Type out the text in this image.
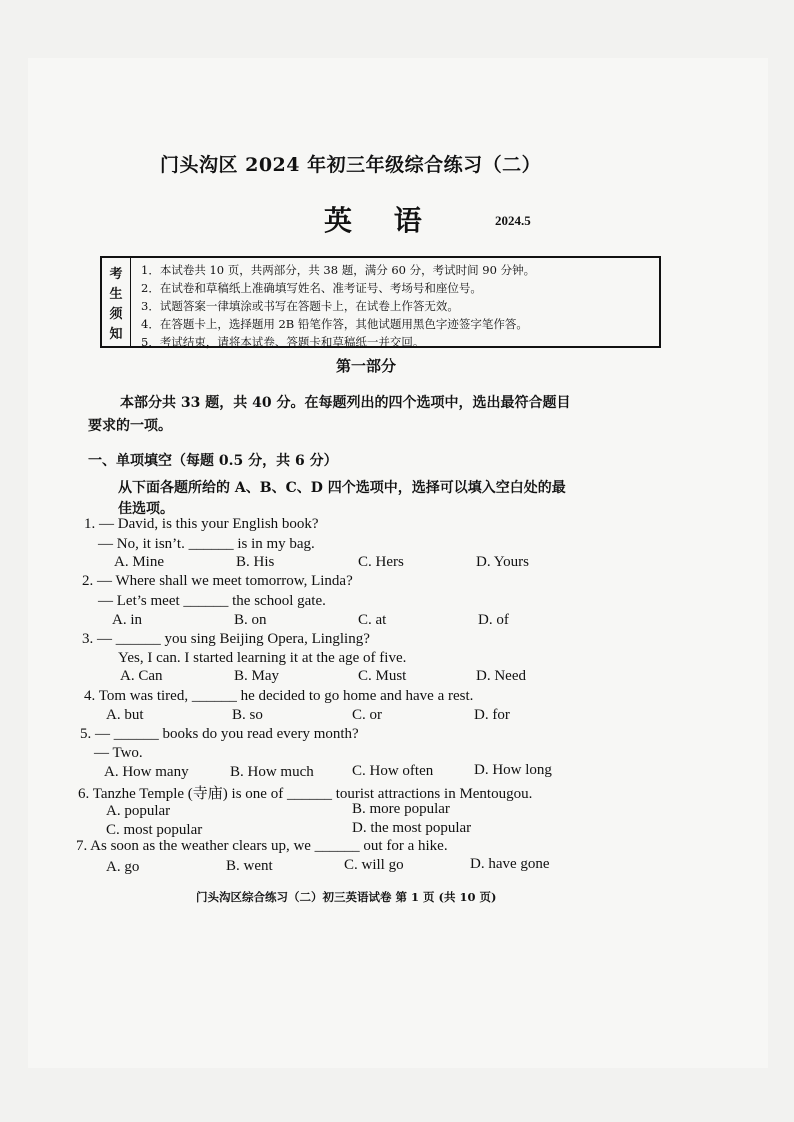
门头沟区 2024 年初三年级综合练习（二）
英 语	2024.5
考
生
须
知
1．本试卷共 10 页，共两部分，共 38 题，满分 60 分，考试时间 90 分钟。
2．在试卷和草稿纸上准确填写姓名、准考证号、考场号和座位号。
3．试题答案一律填涂或书写在答题卡上，在试卷上作答无效。
4．在答题卡上，选择题用 2B 铅笔作答，其他试题用黑色字迹签字笔作答。
5．考试结束，请将本试卷、答题卡和草稿纸一并交回。
第一部分
本部分共 33 题，共 40 分。在每题列出的四个选项中，选出最符合题目
要求的一项。
一、单项填空（每题 0.5 分，共 6 分）
从下面各题所给的 A、B、C、D 四个选项中，选择可以填入空白处的最
佳选项。
1. — David, is this your English book?
— No, it isn’t. ______ is in my bag.
A. Mine	B. His	C. Hers	D. Yours
2. — Where shall we meet tomorrow, Linda?
— Let’s meet ______ the school gate.
A. in	B. on	C. at	D. of
3. — ______ you sing Beijing Opera, Lingling?
Yes, I can. I started learning it at the age of five.
A. Can	B. May	C. Must	D. Need
4. Tom was tired, ______ he decided to go home and have a rest.
A. but	B. so	C. or	D. for
5. — ______ books do you read every month?
— Two.
A. How many	B. How much	C. How often	D. How long
6. Tanzhe Temple (寺庙) is one of ______ tourist attractions in Mentougou.
A. popular	B. more popular
C. most popular	D. the most popular
7. As soon as the weather clears up, we ______ out for a hike.
A. go	B. went	C. will go	D. have gone
门头沟区综合练习（二）初三英语试卷 第 1 页 (共 10 页)
